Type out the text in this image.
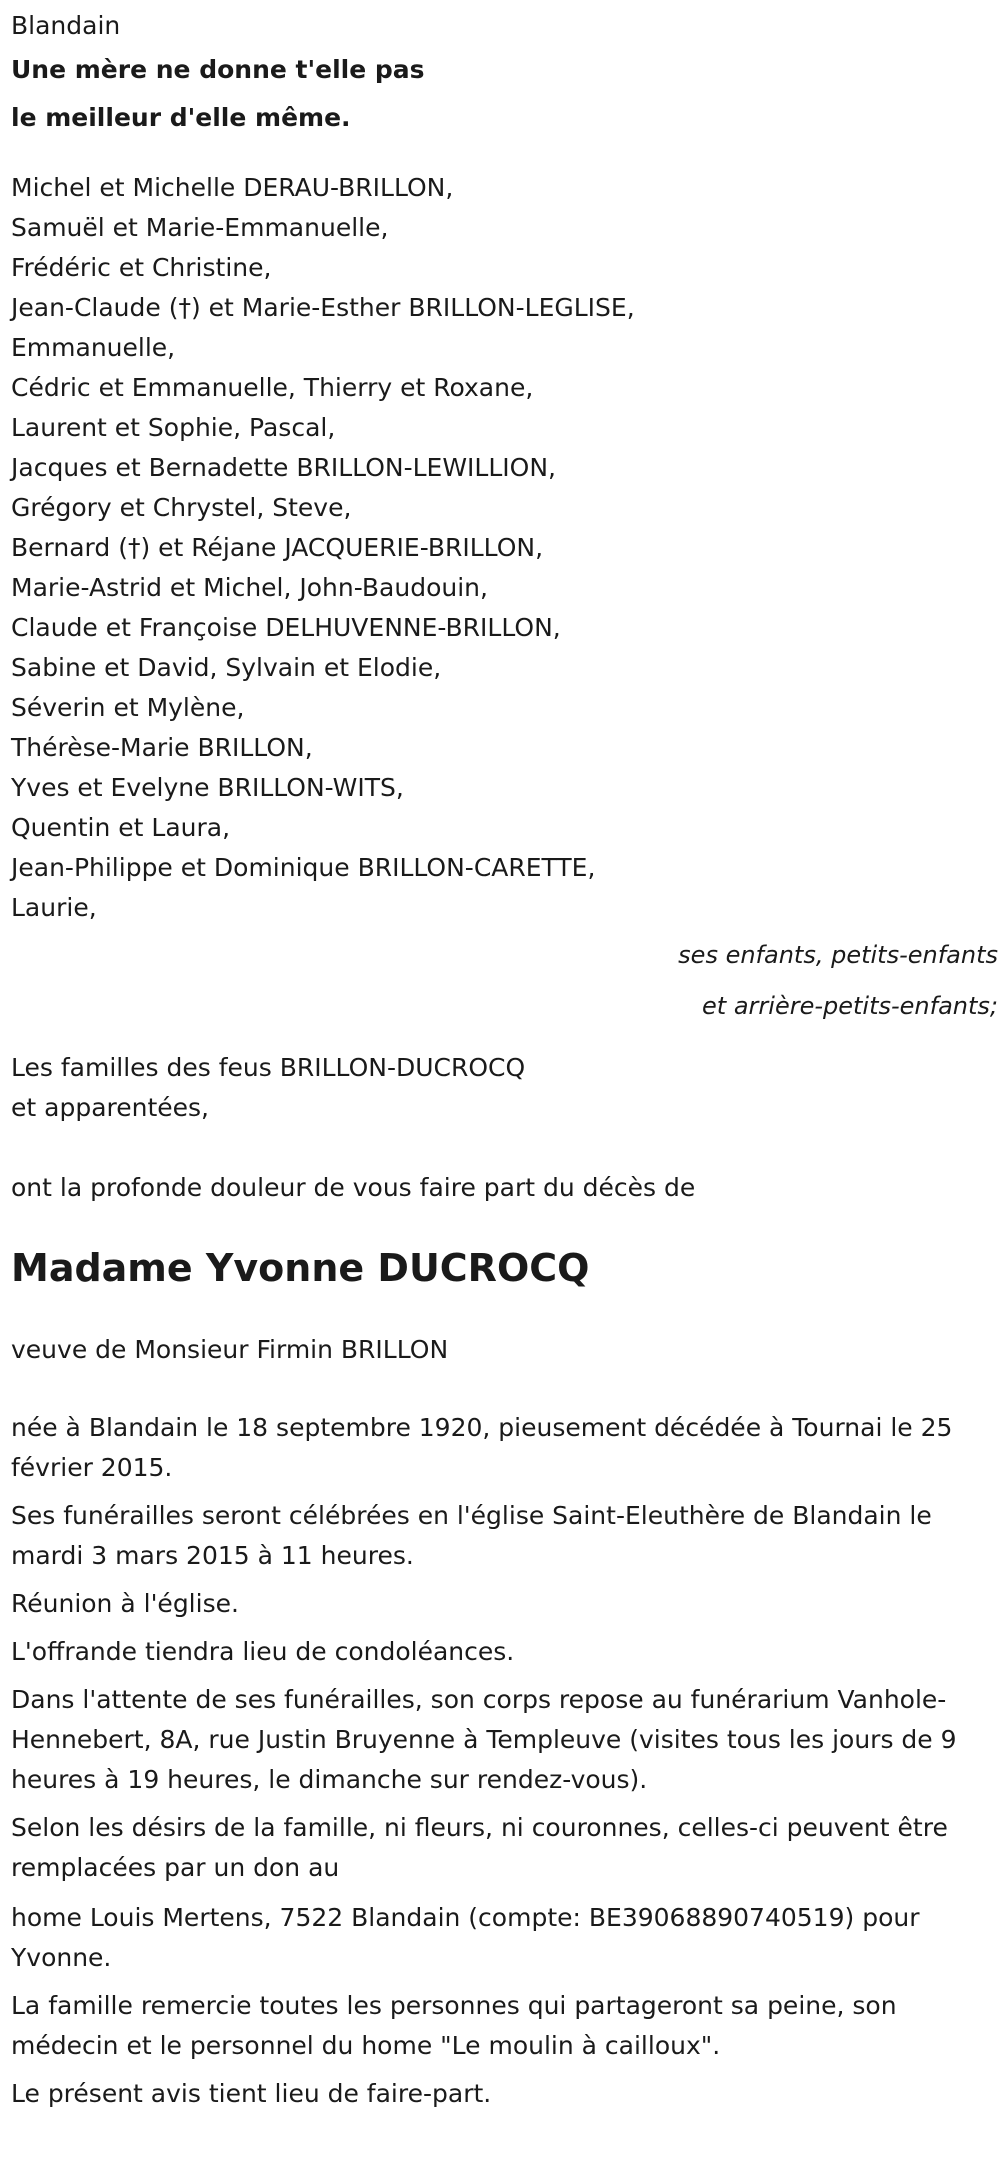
Blandain
Une mère ne donne t'elle pas
le meilleur d'elle même.
Michel et Michelle DERAU-BRILLON,
Samuël et Marie-Emmanuelle,
Frédéric et Christine,
Jean-Claude (†) et Marie-Esther BRILLON-LEGLISE,
Emmanuelle,
Cédric et Emmanuelle, Thierry et Roxane,
Laurent et Sophie, Pascal,
Jacques et Bernadette BRILLON-LEWILLION,
Grégory et Chrystel, Steve,
Bernard (†) et Réjane JACQUERIE-BRILLON,
Marie-Astrid et Michel, John-Baudouin,
Claude et Françoise DELHUVENNE-BRILLON,
Sabine et David, Sylvain et Elodie,
Séverin et Mylène,
Thérèse-Marie BRILLON,
Yves et Evelyne BRILLON-WITS,
Quentin et Laura,
Jean-Philippe et Dominique BRILLON-CARETTE,
Laurie,
ses enfants, petits-enfants
et arrière-petits-enfants;
Les familles des feus BRILLON-DUCROCQ
et apparentées,
ont la profonde douleur de vous faire part du décès de
Madame Yvonne DUCROCQ
veuve de Monsieur Firmin BRILLON

née à Blandain le 18 septembre 1920, pieusement décédée à Tournai le 25 février 2015.

Ses funérailles seront célébrées en l'église Saint-Eleuthère de Blandain le mardi 3 mars 2015 à 11 heures.

Réunion à l'église.

L'offrande tiendra lieu de condoléances.

Dans l'attente de ses funérailles, son corps repose au funérarium Vanhole-Hennebert, 8A, rue Justin Bruyenne à Templeuve (visites tous les jours de 9 heures à 19 heures, le dimanche sur rendez-vous).

Selon les désirs de la famille, ni fleurs, ni couronnes, celles-ci peuvent être remplacées par un don au

home Louis Mertens, 7522 Blandain (compte: BE39068890740519) pour Yvonne.

La famille remercie toutes les personnes qui partageront sa peine, son médecin et le personnel du home "Le moulin à cailloux".

Le présent avis tient lieu de faire-part.
